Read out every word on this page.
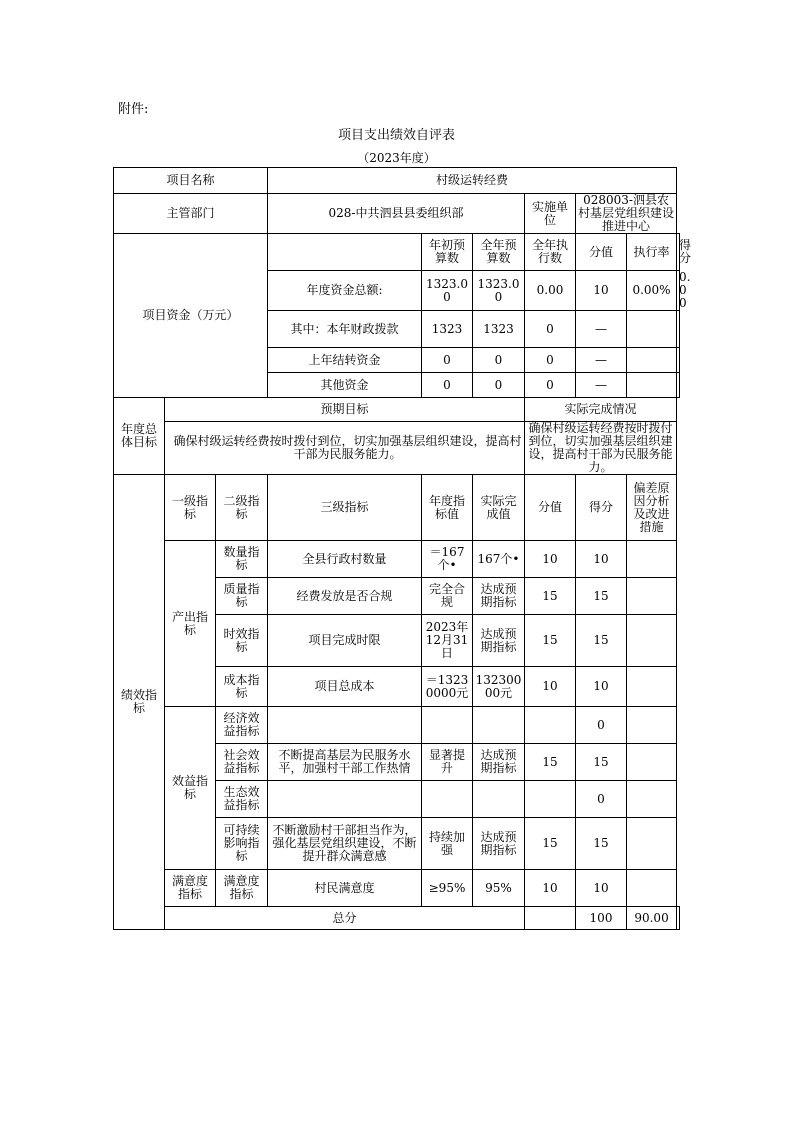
附件:
项目支出绩效自评表
（2023年度）
项目名称			村级运转经费						
主管部门			028-中共泗县县委组织部			实施单位	028003-泗县农村基层党组织建设推进中心		
项目资金（万元）				年初预算数	全年预算数	全年执行数	分值	执行率	得分
			年度资金总额:	1323.00	1323.00	0.00	10	0.00%	0.00
			其中：本年财政拨款	1323	1323	0	—		
			上年结转资金	0	0	0	—		
			其他资金	0	0	0	—		
年度总体目标	预期目标					实际完成情况			
	确保村级运转经费按时拨付到位，切实加强基层组织建设，提高村干部为民服务能力。					确保村级运转经费按时拨付到位，切实加强基层组织建设，提高村干部为民服务能力。			
绩效指标	一级指标	二级指标	三级指标	年度指标值	实际完成值	分值	得分	偏差原因分析及改进措施	
	产出指标	数量指标	全县行政村数量	＝167个•	167个•	10	10		
		质量指标	经费发放是否合规	完全合规	达成预期指标	15	15		
		时效指标	项目完成时限	2023年12月31日	达成预期指标	15	15		
		成本指标	项目总成本	＝13230000元	13230000元	10	10		
	效益指标	经济效益指标					0		
		社会效益指标	不断提高基层为民服务水平，加强村干部工作热情	显著提升	达成预期指标	15	15		
		生态效益指标					0		
		可持续影响指标	不断激励村干部担当作为，强化基层党组织建设，不断提升群众满意感	持续加强	达成预期指标	15	15		
	满意度指标	满意度指标	村民满意度	≥95%	95%	10	10		
	总分						100	90.00	
